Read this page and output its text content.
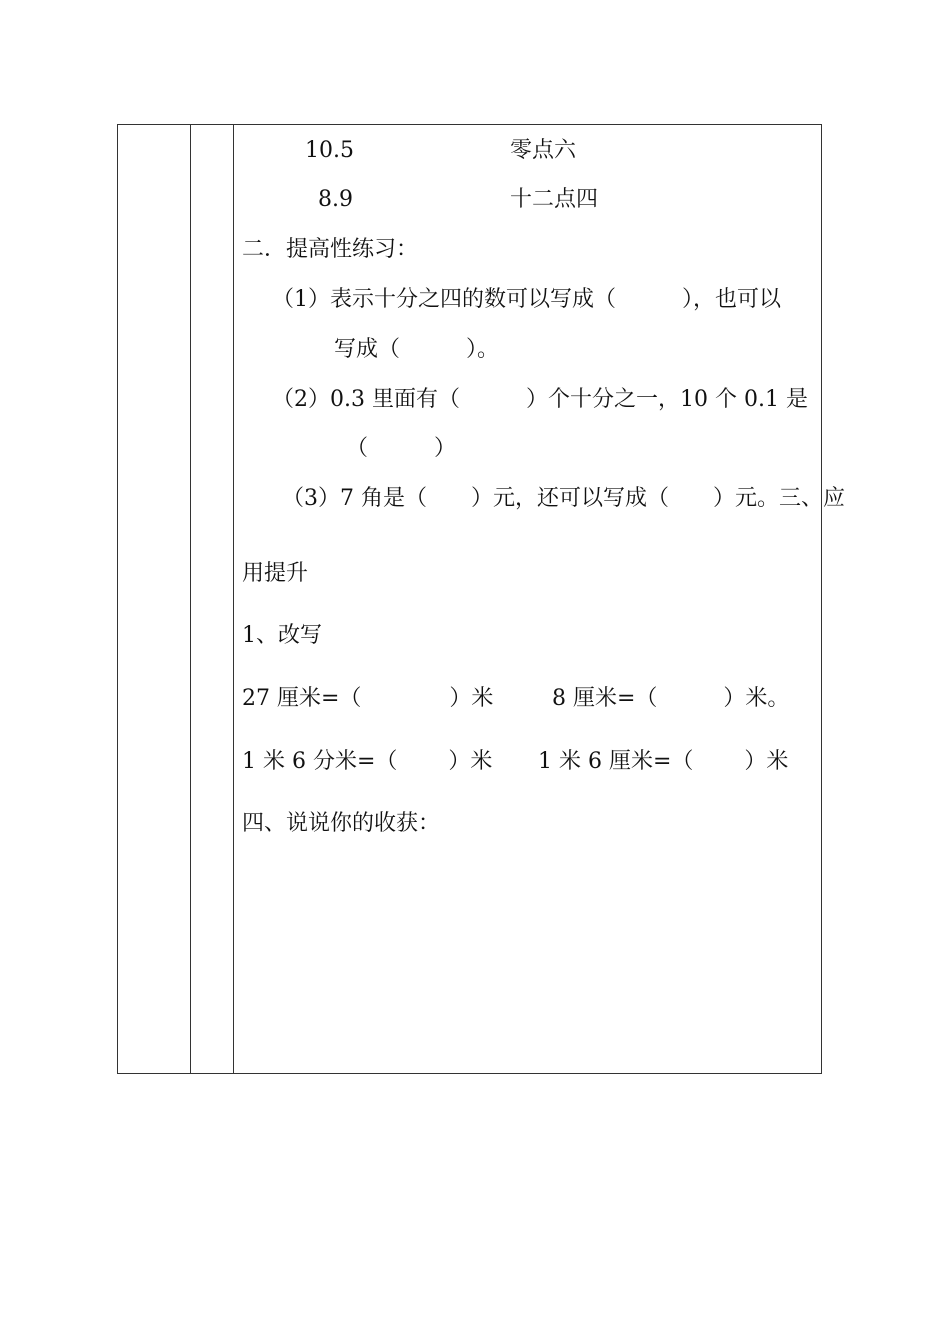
10.5	零点六
8.9	十二点四
二．提高性练习：
（1）表示十分之四的数可以写成（　　　），也可以
写成（　　　）。
（2）0.3 里面有（　　　）个十分之一，10 个 0.1 是
（　　　）
（3）7 角是（　　）元，还可以写成（　　）元。三、应
用提升
1、改写
27 厘米=（　　　　）米	8 厘米=（　　　）米。
1 米 6 分米=（　　 ）米 1 米 6 厘米=（　　 ）米
四、说说你的收获：
